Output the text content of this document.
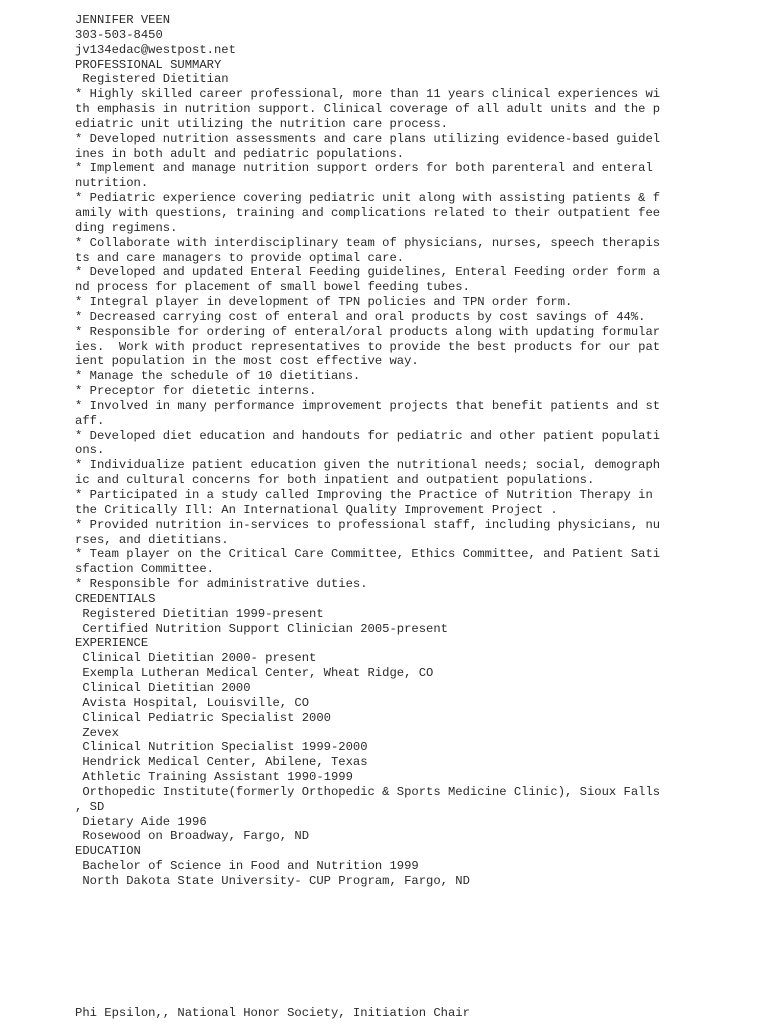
JENNIFER VEEN
303-503-8450
jv134edac@westpost.net
PROFESSIONAL SUMMARY
Registered Dietitian
* Highly skilled career professional, more than 11 years clinical experiences wi
th emphasis in nutrition support. Clinical coverage of all adult units and the p
ediatric unit utilizing the nutrition care process.
* Developed nutrition assessments and care plans utilizing evidence-based guidel
ines in both adult and pediatric populations.
* Implement and manage nutrition support orders for both parenteral and enteral
nutrition.
* Pediatric experience covering pediatric unit along with assisting patients & f
amily with questions, training and complications related to their outpatient fee
ding regimens.
* Collaborate with interdisciplinary team of physicians, nurses, speech therapis
ts and care managers to provide optimal care.
* Developed and updated Enteral Feeding guidelines, Enteral Feeding order form a
nd process for placement of small bowel feeding tubes.
* Integral player in development of TPN policies and TPN order form.
* Decreased carrying cost of enteral and oral products by cost savings of 44%.
* Responsible for ordering of enteral/oral products along with updating formular
ies.  Work with product representatives to provide the best products for our pat
ient population in the most cost effective way.
* Manage the schedule of 10 dietitians.
* Preceptor for dietetic interns.
* Involved in many performance improvement projects that benefit patients and st
aff.
* Developed diet education and handouts for pediatric and other patient populati
ons.
* Individualize patient education given the nutritional needs; social, demograph
ic and cultural concerns for both inpatient and outpatient populations.
* Participated in a study called Improving the Practice of Nutrition Therapy in
the Critically Ill: An International Quality Improvement Project .
* Provided nutrition in-services to professional staff, including physicians, nu
rses, and dietitians.
* Team player on the Critical Care Committee, Ethics Committee, and Patient Sati
sfaction Committee.
* Responsible for administrative duties.
CREDENTIALS
Registered Dietitian 1999-present
Certified Nutrition Support Clinician 2005-present
EXPERIENCE
Clinical Dietitian 2000- present
Exempla Lutheran Medical Center, Wheat Ridge, CO
Clinical Dietitian 2000
Avista Hospital, Louisville, CO
Clinical Pediatric Specialist 2000
Zevex
Clinical Nutrition Specialist 1999-2000
Hendrick Medical Center, Abilene, Texas
Athletic Training Assistant 1990-1999
Orthopedic Institute(formerly Orthopedic & Sports Medicine Clinic), Sioux Falls
, SD
Dietary Aide 1996
Rosewood on Broadway, Fargo, ND
EDUCATION
Bachelor of Science in Food and Nutrition 1999
North Dakota State University- CUP Program, Fargo, ND
Phi Epsilon,, National Honor Society, Initiation Chair
